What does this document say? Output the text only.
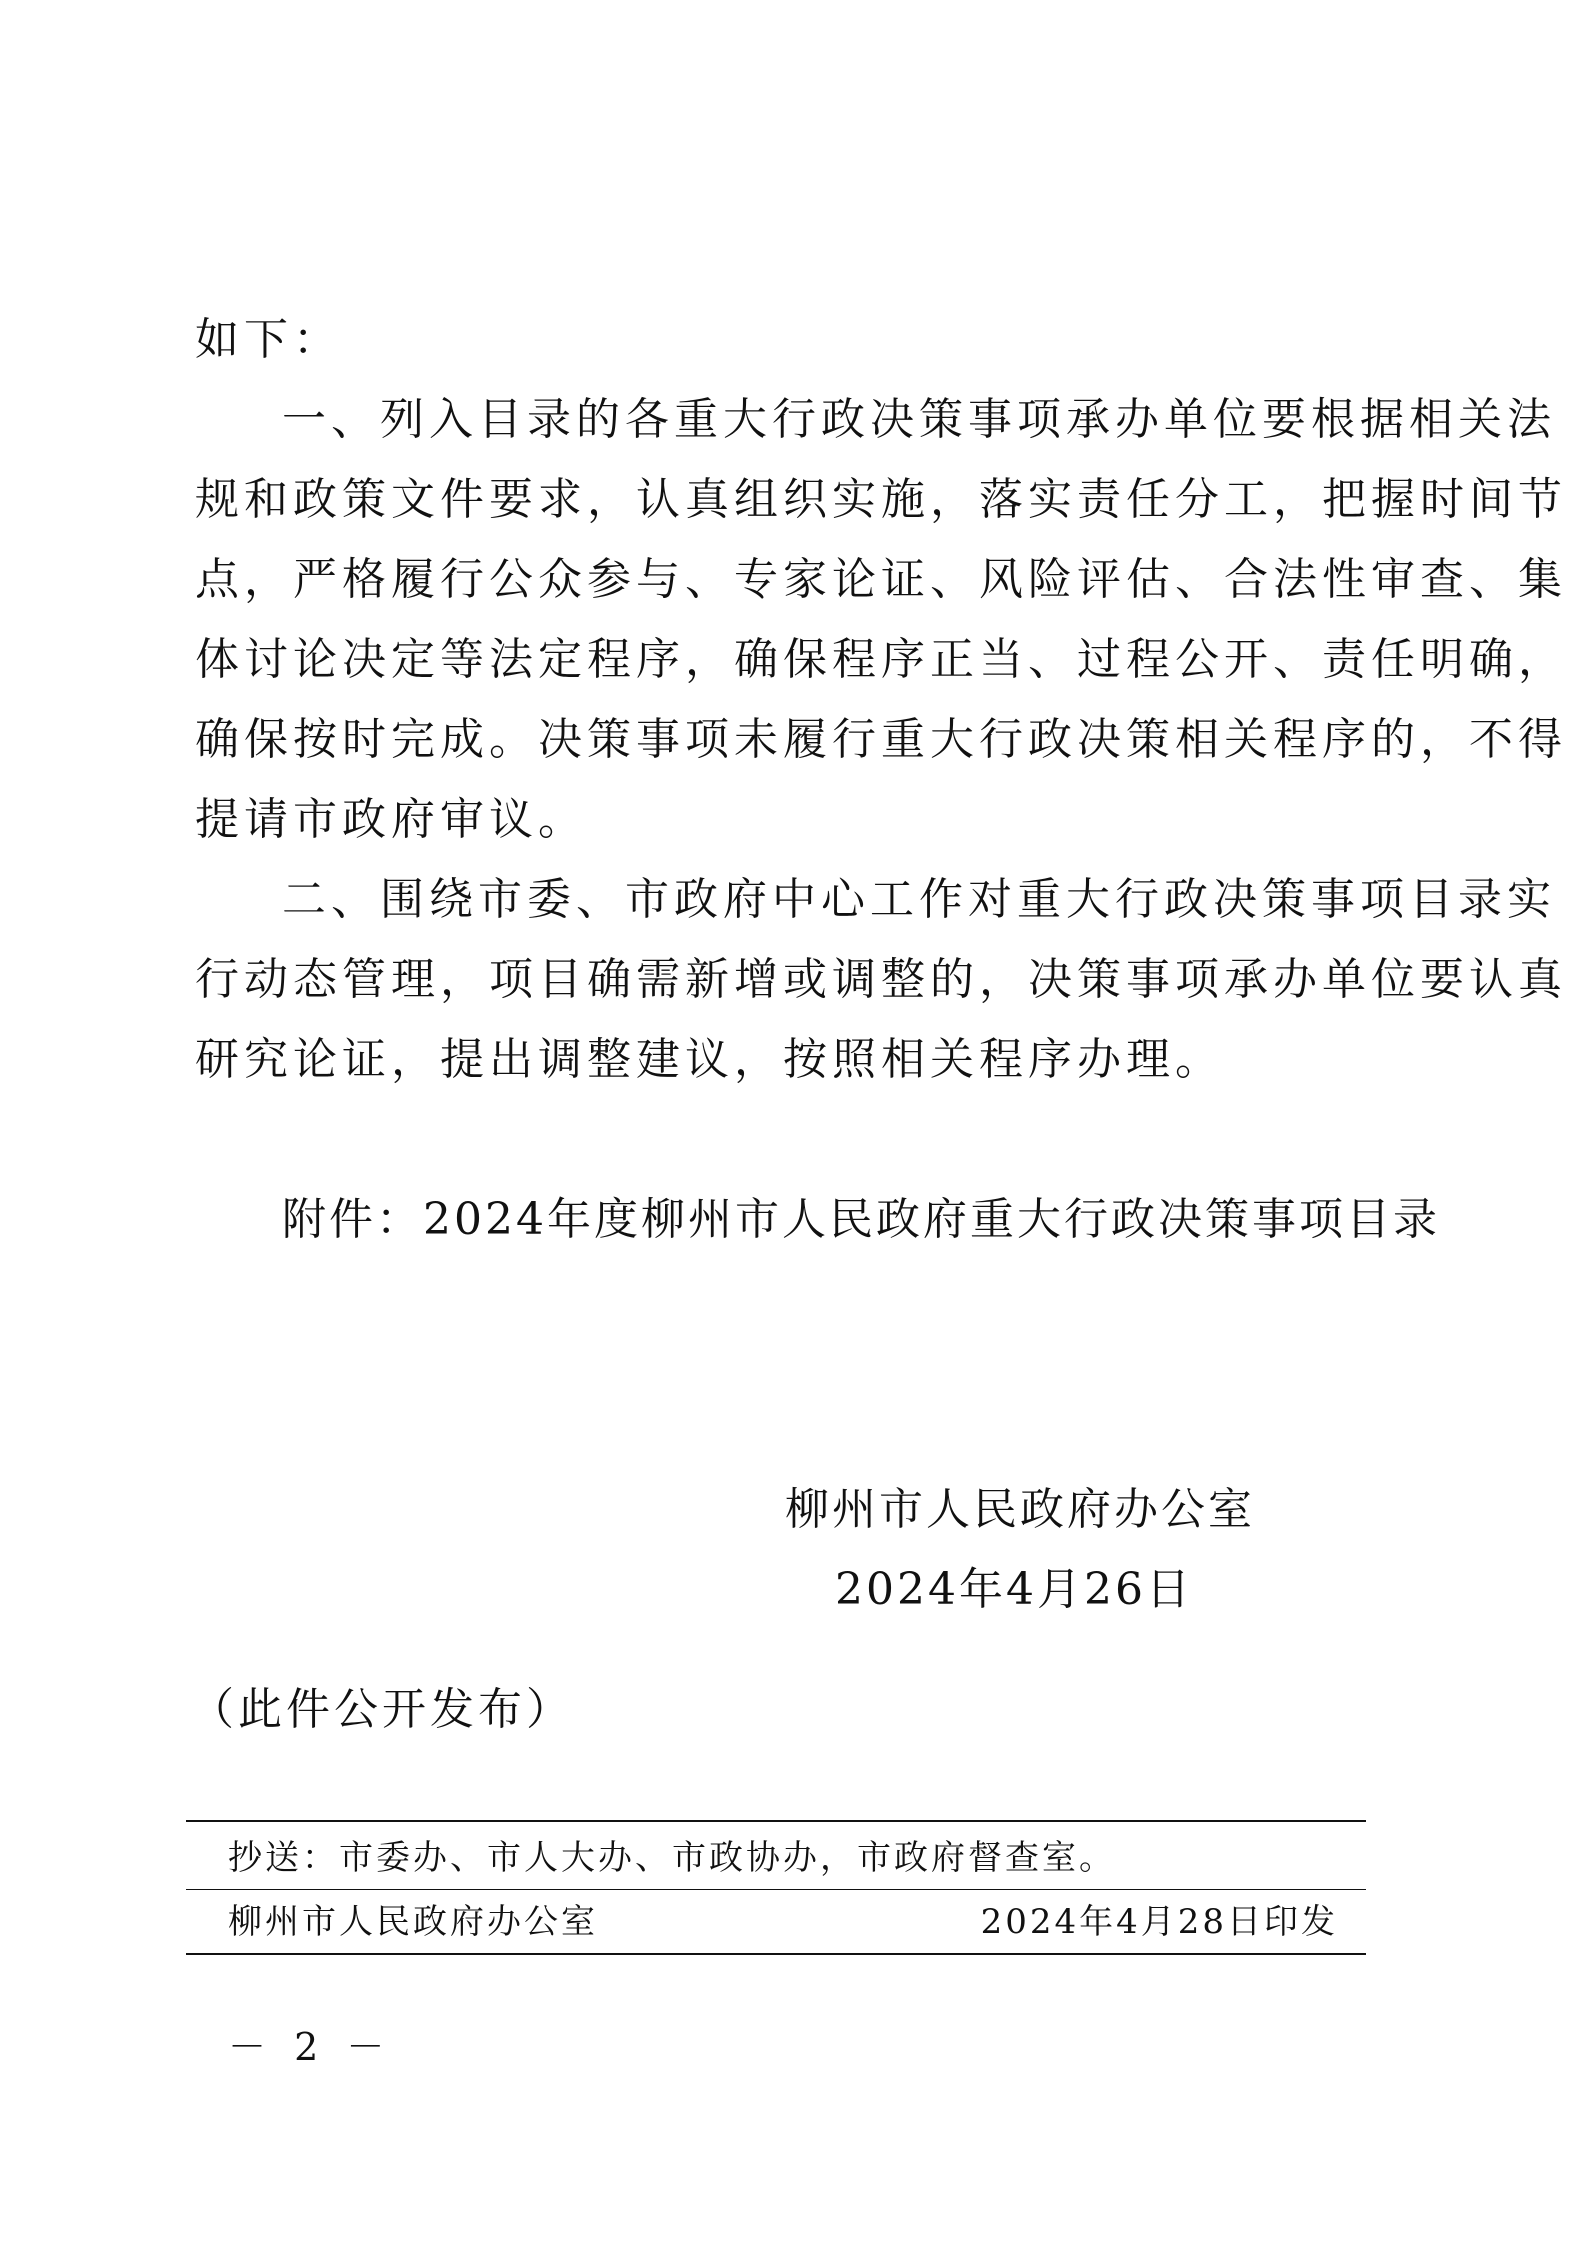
如下：
一、列入目录的各重大行政决策事项承办单位要根据相关法
规和政策文件要求，认真组织实施，落实责任分工，把握时间节
点，严格履行公众参与、专家论证、风险评估、合法性审查、集
体讨论决定等法定程序，确保程序正当、过程公开、责任明确，
确保按时完成。决策事项未履行重大行政决策相关程序的，不得
提请市政府审议。
二、围绕市委、市政府中心工作对重大行政决策事项目录实
行动态管理，项目确需新增或调整的，决策事项承办单位要认真
研究论证，提出调整建议，按照相关程序办理。
附件：2024年度柳州市人民政府重大行政决策事项目录
柳州市人民政府办公室
2024年4月26日
（此件公开发布）
抄送：市委办、市人大办、市政协办，市政府督查室。
柳州市人民政府办公室	2024年4月28日印发
－ 2 －
